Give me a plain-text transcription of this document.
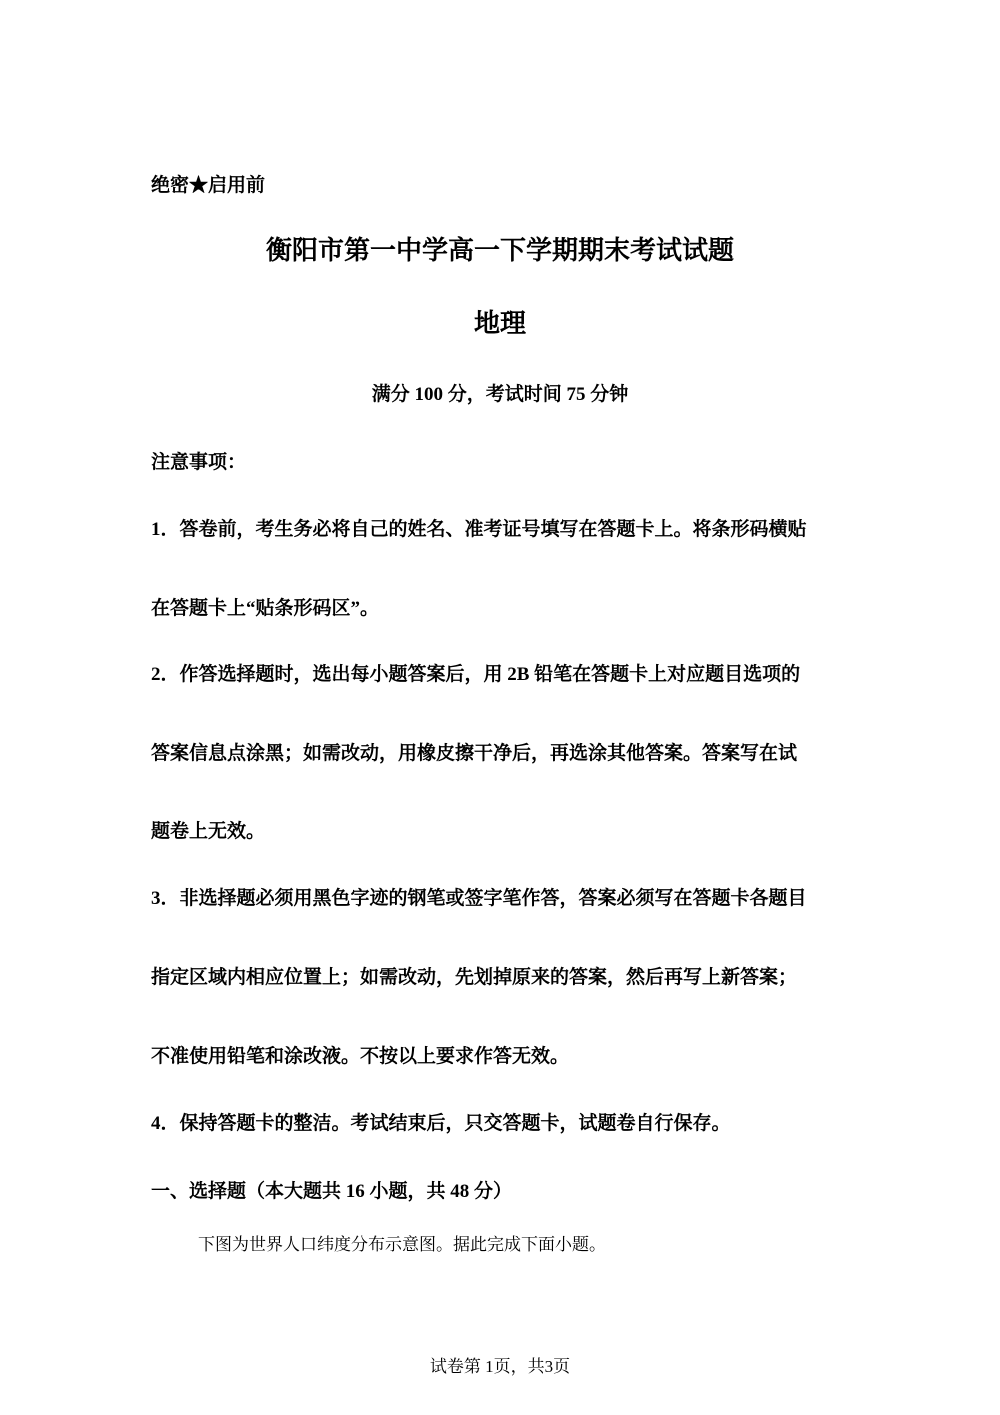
绝密★启用前
衡阳市第一中学高一下学期期末考试试题
地理
满分 100 分，考试时间 75 分钟
注意事项：
1．答卷前，考生务必将自己的姓名、准考证号填写在答题卡上。将条形码横贴
在答题卡上“贴条形码区”。
2．作答选择题时，选出每小题答案后，用 2B 铅笔在答题卡上对应题目选项的
答案信息点涂黑；如需改动，用橡皮擦干净后，再选涂其他答案。答案写在试
题卷上无效。
3．非选择题必须用黑色字迹的钢笔或签字笔作答，答案必须写在答题卡各题目
指定区域内相应位置上；如需改动，先划掉原来的答案，然后再写上新答案；
不准使用铅笔和涂改液。不按以上要求作答无效。
4．保持答题卡的整洁。考试结束后，只交答题卡，试题卷自行保存。
一、选择题（本大题共 16 小题，共 48 分）
下图为世界人口纬度分布示意图。据此完成下面小题。
试卷第 1页，共3页
